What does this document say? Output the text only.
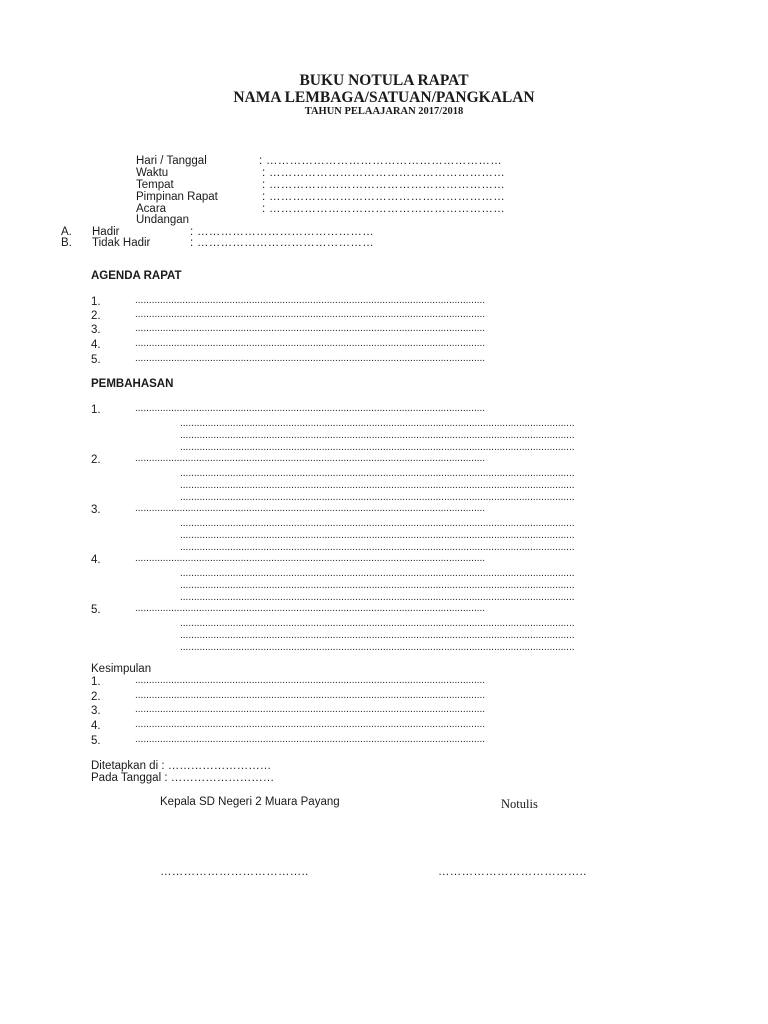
BUKU NOTULA RAPAT
NAMA LEMBAGA/SATUAN/PANGKALAN
TAHUN PELAAJARAN 2017/2018
Hari / Tanggal	: ……………………………………………………
Waktu	: ……………………………………………………
Tempat	: ……………………………………………………
Pimpinan Rapat	: ……………………………………………………
Acara	: ……………………………………………………
Undangan
A. Hadir	: ………………………………………
B. Tidak Hadir	: ………………………………………
AGENDA RAPAT
1.	..............................................................................................................................
2.	..............................................................................................................................
3.	..............................................................................................................................
4.	..............................................................................................................................
5.	..............................................................................................................................
PEMBAHASAN
1.	..............................................................................................................................
..............................................................................................................................................
..............................................................................................................................................
..............................................................................................................................................
2.	..............................................................................................................................
..............................................................................................................................................
..............................................................................................................................................
..............................................................................................................................................
3.	..............................................................................................................................
..............................................................................................................................................
..............................................................................................................................................
..............................................................................................................................................
4.	..............................................................................................................................
..............................................................................................................................................
..............................................................................................................................................
..............................................................................................................................................
5.	..............................................................................................................................
..............................................................................................................................................
..............................................................................................................................................
..............................................................................................................................................
Kesimpulan
1.	..............................................................................................................................
2.	..............................................................................................................................
3.	..............................................................................................................................
4.	..............................................................................................................................
5.	..............................................................................................................................
Ditetapkan di : ………………………
Pada Tanggal : ………………………
Kepala SD Negeri 2 Muara Payang	Notulis
………………………………..	………………………………..
